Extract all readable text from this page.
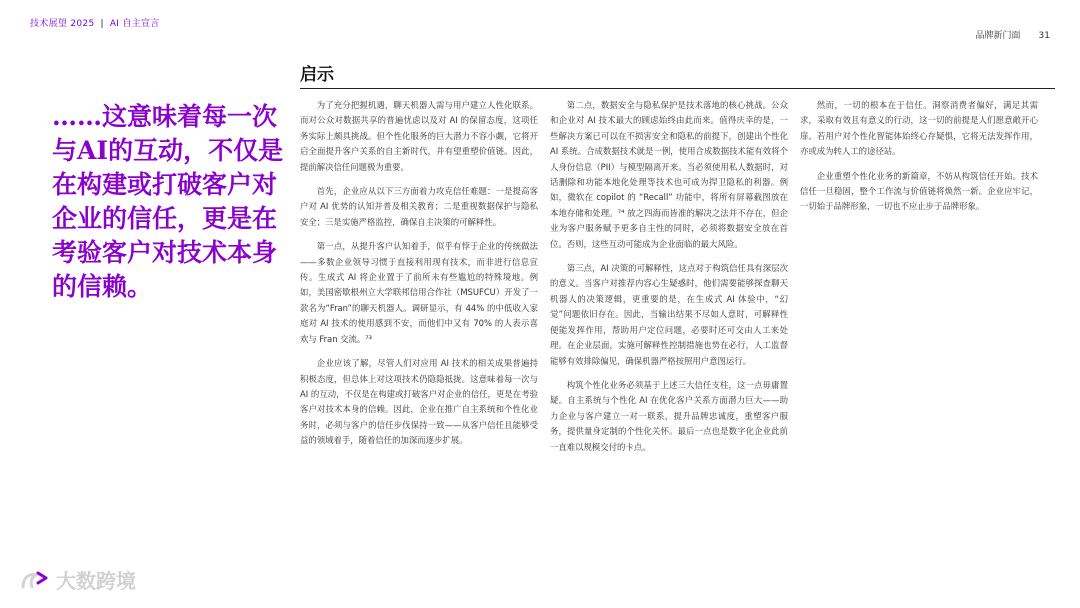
技术展望 2025 | AI 自主宣言
品牌新门面 31
启示
……这意味着每一次与AI的互动，不仅是在构建或打破客户对企业的信任，更是在考验客户对技术本身的信赖。

为了充分把握机遇，聊天机器人需与用户建立人性化联系。而对公众对数据共享的普遍忧虑以及对 AI 的保留态度，这项任务实际上颇具挑战。但个性化服务的巨大潜力不容小觑，它将开启全面提升客户关系的自主新时代，并有望重塑价值链。因此，提前解决信任问题极为重要。

首先，企业应从以下三方面着力攻克信任难题：一是提高客户对 AI 优势的认知并普及相关教育；二是重视数据保护与隐私安全；三是实施严格监控，确保自主决策的可解释性。

第一点，从提升客户认知着手，似乎有悖于企业的传统做法——多数企业领导习惯于直接利用现有技术，而非进行信息宣传。生成式 AI 将企业置于了前所未有些尴尬的特殊境地。例如，美国密歇根州立大学联邦信用合作社（MSUFCU）开发了一款名为“Fran”的聊天机器人。调研显示，有 44% 的中低收入家庭对 AI 技术的使用感到不安，而他们中又有 70% 的人表示喜欢与 Fran 交流。⁷³

企业应该了解，尽管人们对应用 AI 技术的相关成果普遍持积极态度，但总体上对这项技术仍隐隐抵拢。这意味着每一次与 AI 的互动，不仅是在构建或打破客户对企业的信任，更是在考验客户对技术本身的信赖。因此，企业在推广自主系统和个性化业务时，必须与客户的信任步伐保持一致——从客户信任且能够受益的领域着手，随着信任的加深而逐步扩展。

第二点，数据安全与隐私保护是技术落地的核心挑战。公众和企业对 AI 技术最大的顾虑始终由此而来。值得庆幸的是，一些解决方案已可以在不损害安全和隐私的前提下，创建出个性化 AI 系统。合成数据技术就是一例，使用合成数据技术能有效将个人身份信息（PII）与模型隔离开来。当必须使用私人数据时，对话删除和功能本地化处理等技术也可成为捍卫隐私的利器。例如，微软在 copilot 的 “Recall” 功能中，将所有屏幕截图放在本地存储和处理。⁷⁴ 放之四海而皆准的解决之法并不存在，但企业为客户服务赋予更多自主性的同时，必须将数据安全放在首位。否则，这些互动可能成为企业面临的最大风险。

第三点，AI 决策的可解释性，这点对于构筑信任具有深层次的意义。当客户对推荐内容心生疑惑时，他们需要能够探查聊天机器人的决策逻辑，更重要的是，在生成式 AI 体验中，“幻觉”问题依旧存在。因此，当输出结果不尽如人意时，可解释性便能发挥作用，帮助用户定位问题，必要时还可交由人工来处理。在企业层面，实施可解释性控制措施也势在必行，人工监督能够有效排除偏见，确保机器严格按照用户意图运行。

构筑个性化业务必须基于上述三大信任支柱，这一点毋庸置疑。自主系统与个性化 AI 在优化客户关系方面潜力巨大——助力企业与客户建立一对一联系，提升品牌忠诚度，重塑客户服务，提供量身定制的个性化关怀。最后一点也是数字化企业此前一直难以规模交付的卡点。

然而，一切的根本在于信任。洞察消费者偏好，满足其需求，采取有效且有意义的行动，这一切的前提是人们愿意敞开心扉。若用户对个性化智能体始终心存疑惧，它将无法发挥作用，亦或成为转人工的途径站。

企业重塑个性化业务的新篇章，不妨从构筑信任开始。技术信任一旦稳固，整个工作流与价值链将焕然一新。企业应牢记，一切始于品牌形象，一切也不应止步于品牌形象。

大数跨境
